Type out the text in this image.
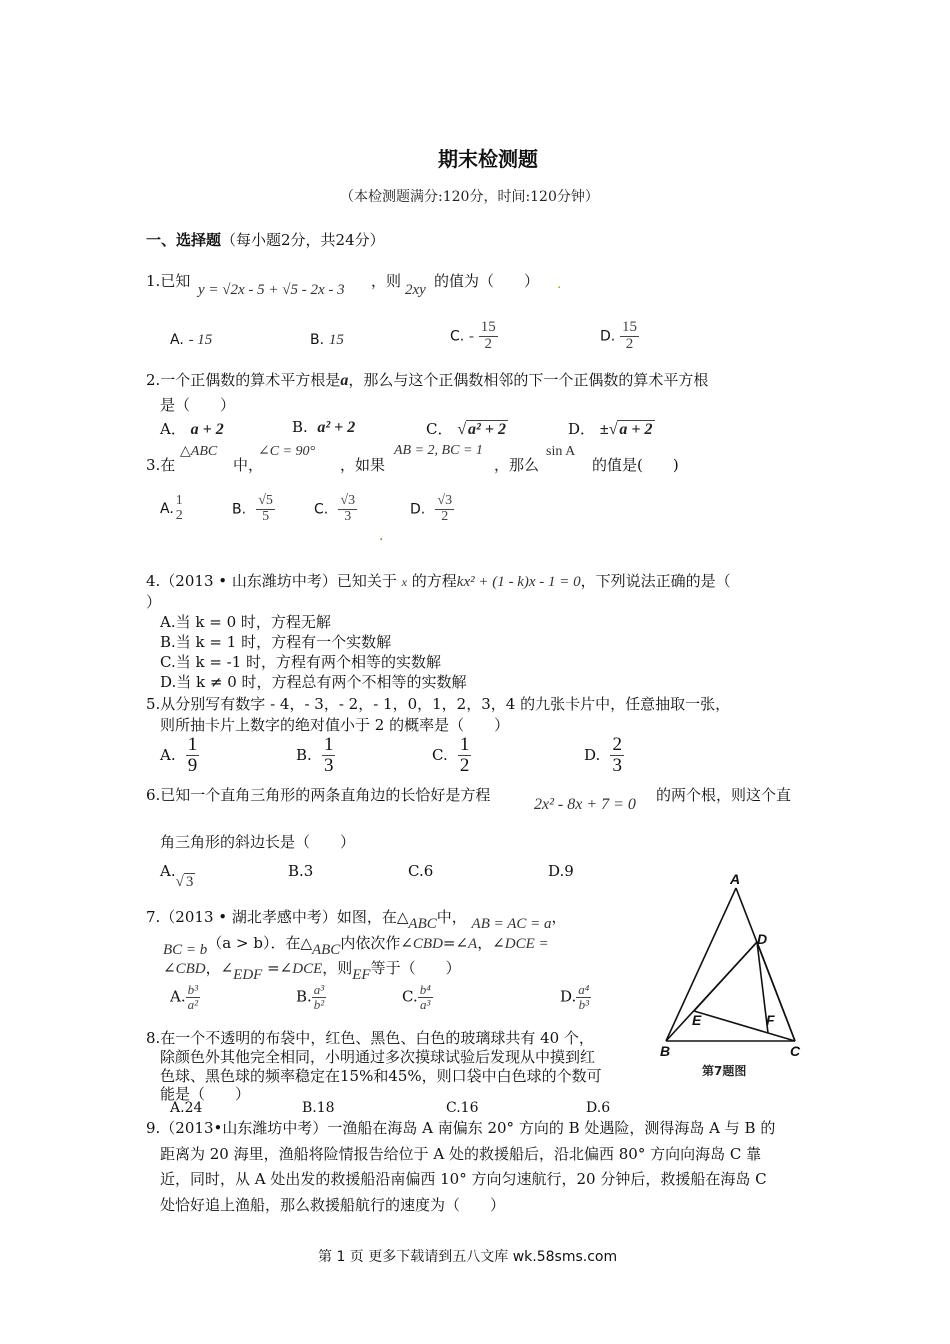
期末检测题
（本检测题满分:120分，时间:120分钟）
一、选择题（每小题2分，共24分）
1.已知 y = √2x - 5 + √5 - 2x - 3 ，则 2xy 的值为（　　） .
A. - 15	B. 15	C. - $\frac{15}{2}$	D. $\frac{15}{2}$
2.一个正偶数的算术平方根是a，那么与这个正偶数相邻的下一个正偶数的算术平方根
是（　　）
A． a + 2	B. a² + 2	C． √ a² + 2	D． ±√ a + 2
△ABC
3.在	中，
∠C = 90°
，如果
AB = 2, BC = 1
，那么
sin A
的值是(　　)
A.
1
2	B. $\frac{√5}{5}$	C. $\frac{√3}{3}$
.
D. $\frac{√3}{2}$
4.（2013 • 山东潍坊中考）已知关于 x 的方程kx² + (1 - k)x - 1 = 0，下列说法正确的是（
）
A.当 k = 0 时，方程无解
B.当 k = 1 时，方程有一个实数解
C.当 k = -1 时，方程有两个相等的实数解
D.当 k ≠ 0 时，方程总有两个不相等的实数解
5.从分别写有数字 - 4，- 3，- 2，- 1，0，1，2，3，4 的九张卡片中，任意抽取一张，
则所抽卡片上数字的绝对值小于 2 的概率是（　　）
A. $\frac{1}{9}$	B. $\frac{1}{3}$	C. $\frac{1}{2}$	D. $\frac{2}{3}$
6.已知一个直角三角形的两条直角边的长恰好是方程
2x² - 8x + 7 = 0
的两个根，则这个直
角三角形的斜边长是（　　）
A.√ 3
B.3	C.6	D.9
7.（2013 • 湖北孝感中考）如图，在△ABC中， AB = AC = a，
BC = b（a > b）．在△ABC内依次作∠CBD=∠A，∠DCE =
∠CBD，∠EDF =∠DCE，则EF等于（　　）
A. $\frac{\text{b³}}{\text{a²}}$	B. $\frac{\text{a³}}{\text{b²}}$	C. $\frac{\text{b⁴}}{\text{a³}}$	D. $\frac{\text{a⁴}}{\text{b³}}$
A
B	C
D
E	F
第7题图
8.在一个不透明的布袋中，红色、黑色、白色的玻璃球共有 40 个，
除颜色外其他完全相同，小明通过多次摸球试验后发现从中摸到红
色球、黑色球的频率稳定在15%和45%，则口袋中白色球的个数可
能是（　　）
A.24	B.18	C.16	D.6
9.（2013•山东潍坊中考）一渔船在海岛 A 南偏东 20° 方向的 B 处遇险，测得海岛 A 与 B 的
距离为 20 海里，渔船将险情报告给位于 A 处的救援船后，沿北偏西 80° 方向向海岛 C 靠
近，同时，从 A 处出发的救援船沿南偏西 10° 方向匀速航行，20 分钟后，救援船在海岛 C
处恰好追上渔船，那么救援船航行的速度为（　　）
第 1 页 更多下载请到五八文库 wk.58sms.com
